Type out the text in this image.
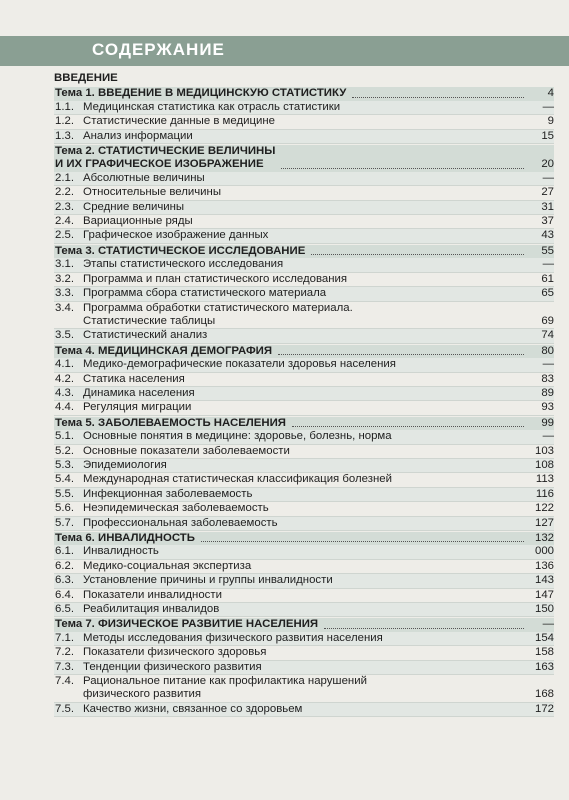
СОДЕРЖАНИЕ
ВВЕДЕНИЕ
Тема 1. ВВЕДЕНИЕ В МЕДИЦИНСКУЮ СТАТИСТИКУ	4
1.1. Медицинская статистика как отрасль статистики	—
1.2. Статистические данные в медицине	9
1.3. Анализ информации	15
Тема 2. СТАТИСТИЧЕСКИЕ ВЕЛИЧИНЫ
И ИХ ГРАФИЧЕСКОЕ ИЗОБРАЖЕНИЕ	20
2.1. Абсолютные величины	—
2.2. Относительные величины	27
2.3. Средние величины	31
2.4. Вариационные ряды	37
2.5. Графическое изображение данных	43
Тема 3. СТАТИСТИЧЕСКОЕ ИССЛЕДОВАНИЕ	55
3.1. Этапы статистического исследования	—
3.2. Программа и план статистического исследования	61
3.3. Программа сбора статистического материала	65
3.4. Программа обработки статистического материала.
Статистические таблицы	69
3.5. Статистический анализ	74
Тема 4. МЕДИЦИНСКАЯ ДЕМОГРАФИЯ	80
4.1. Медико-демографические показатели здоровья населения	—
4.2. Статика населения	83
4.3. Динамика населения	89
4.4. Регуляция миграции	93
Тема 5. ЗАБОЛЕВАЕМОСТЬ НАСЕЛЕНИЯ	99
5.1. Основные понятия в медицине: здоровье, болезнь, норма	—
5.2. Основные показатели заболеваемости	103
5.3. Эпидемиология	108
5.4. Международная статистическая классификация болезней	113
5.5. Инфекционная заболеваемость	116
5.6. Неэпидемическая заболеваемость	122
5.7. Профессиональная заболеваемость	127
Тема 6. ИНВАЛИДНОСТЬ	132
6.1. Инвалидность	000
6.2. Медико-социальная экспертиза	136
6.3. Установление причины и группы инвалидности	143
6.4. Показатели инвалидности	147
6.5. Реабилитация инвалидов	150
Тема 7. ФИЗИЧЕСКОЕ РАЗВИТИЕ НАСЕЛЕНИЯ	—
7.1. Методы исследования физического развития населения	154
7.2. Показатели физического здоровья	158
7.3. Тенденции физического развития	163
7.4. Рациональное питание как профилактика нарушений
физического развития	168
7.5. Качество жизни, связанное со здоровьем	172
